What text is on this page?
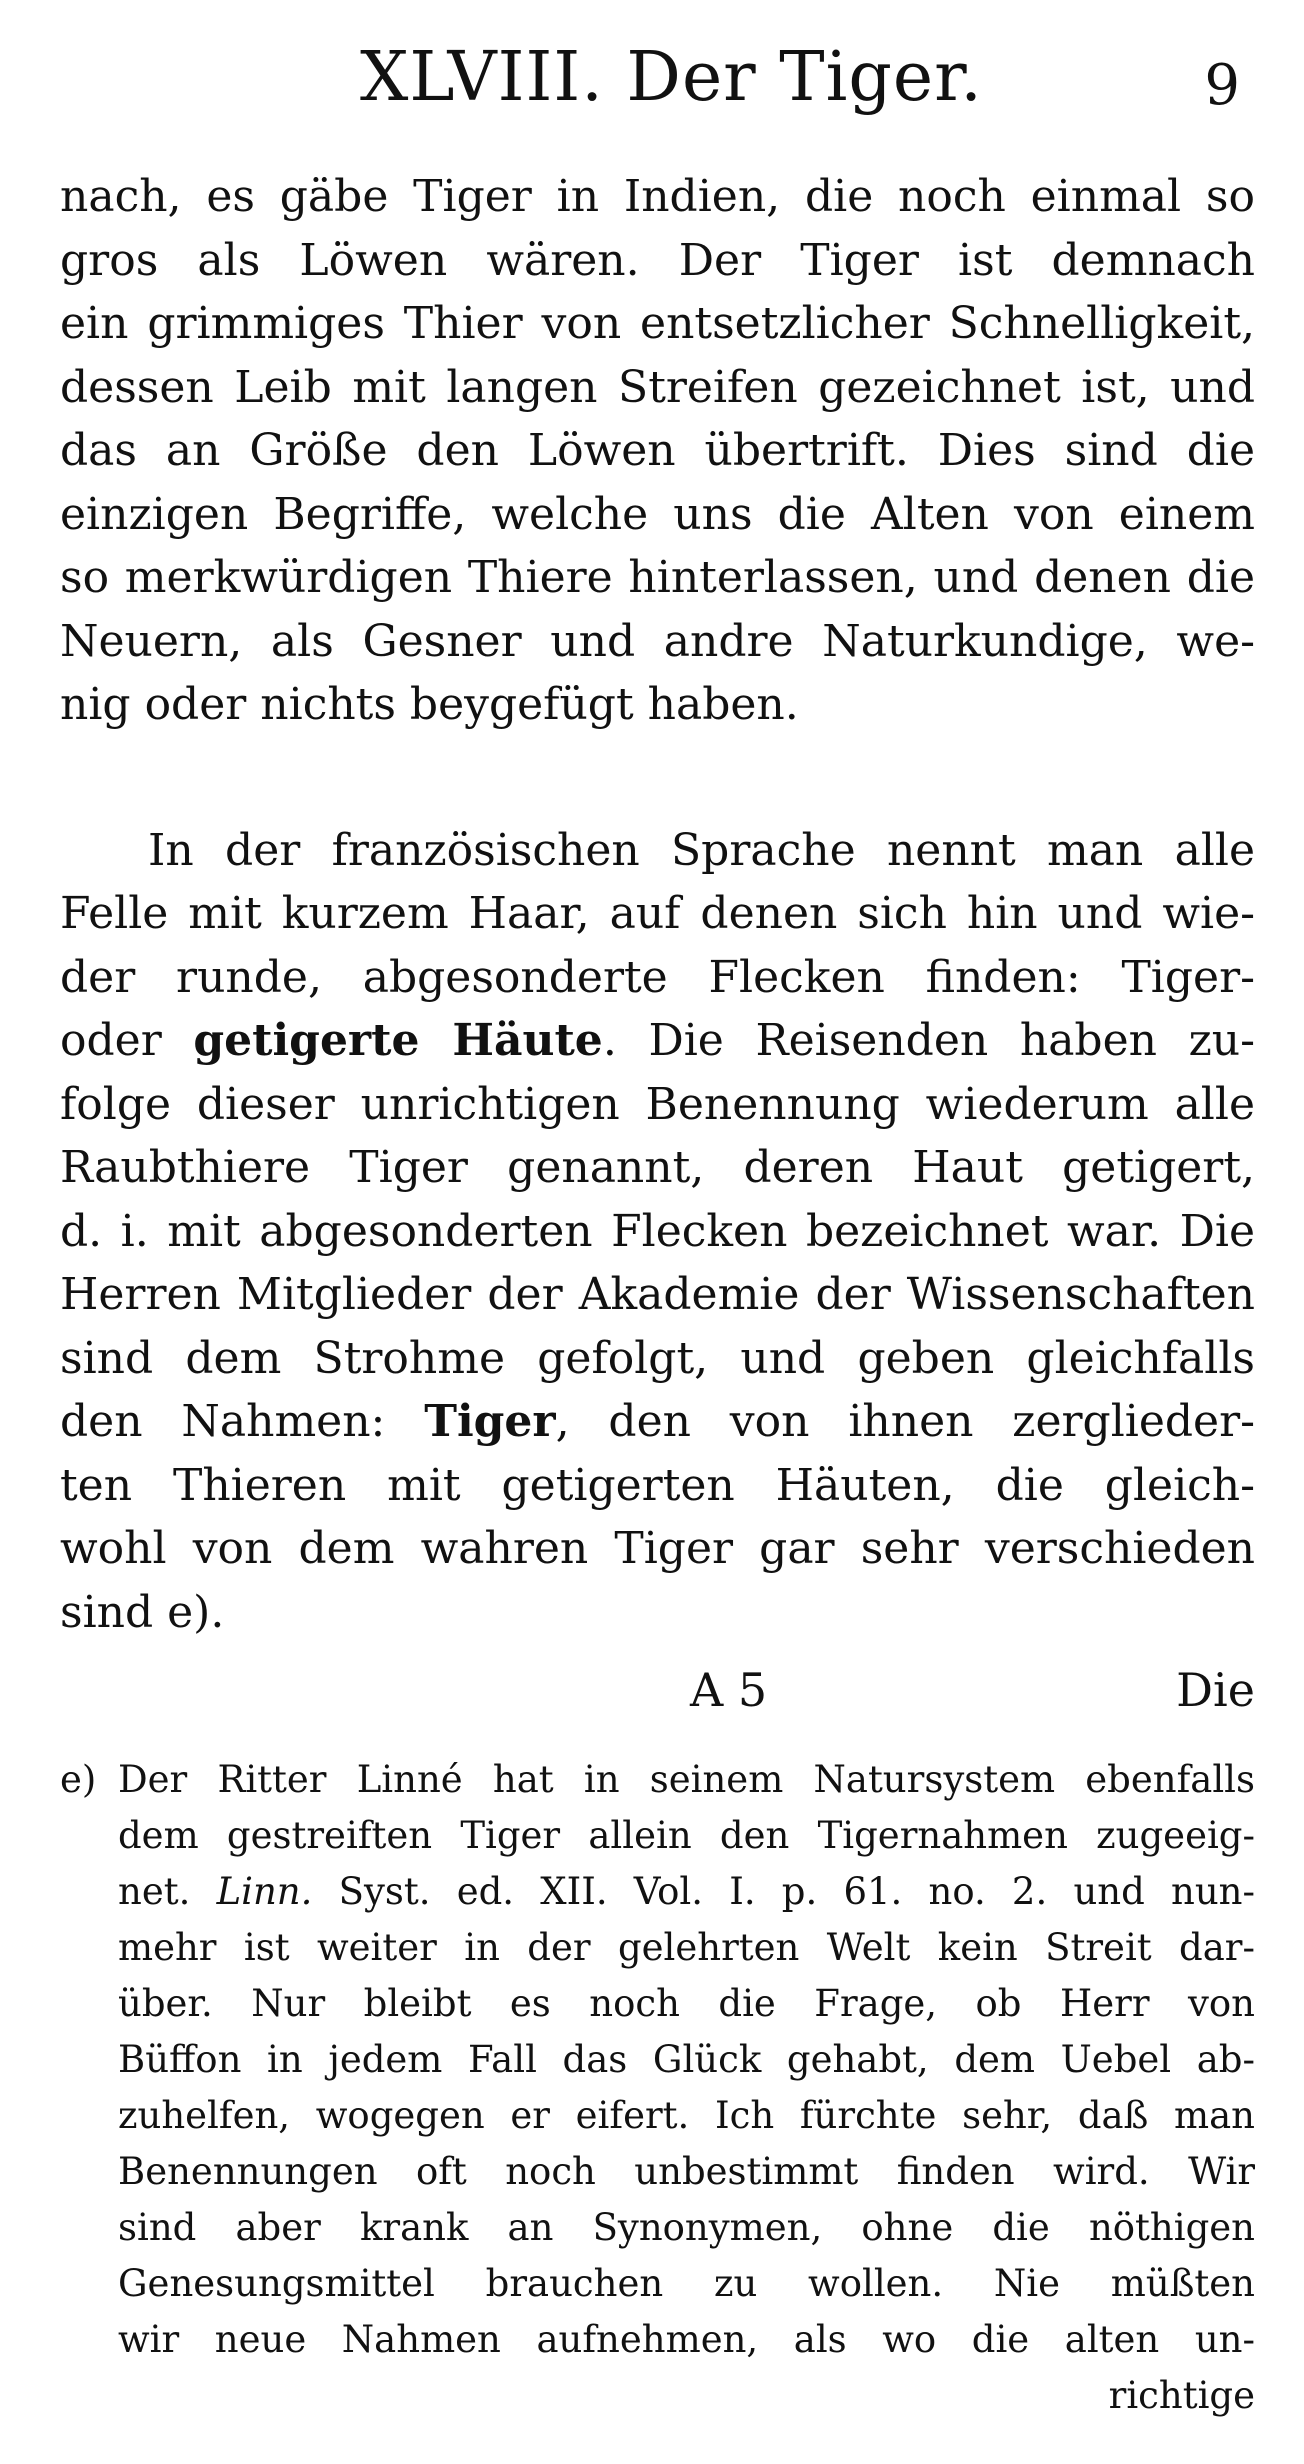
XLVIII. Der Tiger.	9
nach, es gäbe Tiger in Indien, die noch einmal so
gros als Löwen wären. Der Tiger ist demnach
ein grimmiges Thier von entsetzlicher Schnelligkeit,
dessen Leib mit langen Streifen gezeichnet ist, und
das an Größe den Löwen übertrift. Dies sind die
einzigen Begriffe, welche uns die Alten von einem
so merkwürdigen Thiere hinterlassen, und denen die
Neuern, als Gesner und andre Naturkundige, we-
nig oder nichts beygefügt haben.
In der französischen Sprache nennt man alle
Felle mit kurzem Haar, auf denen sich hin und wie-
der runde, abgesonderte Flecken finden: Tiger-
oder getigerte Häute. Die Reisenden haben zu-
folge dieser unrichtigen Benennung wiederum alle
Raubthiere Tiger genannt, deren Haut getigert,
d. i. mit abgesonderten Flecken bezeichnet war. Die
Herren Mitglieder der Akademie der Wissenschaften
sind dem Strohme gefolgt, und geben gleichfalls
den Nahmen: Tiger, den von ihnen zerglieder-
ten Thieren mit getigerten Häuten, die gleich-
wohl von dem wahren Tiger gar sehr verschieden
sind e).
A 5	Die
e) Der Ritter Linné hat in seinem Natursystem ebenfalls
dem gestreiften Tiger allein den Tigernahmen zugeeig-
net. Linn. Syst. ed. XII. Vol. I. p. 61. no. 2. und nun-
mehr ist weiter in der gelehrten Welt kein Streit dar-
über. Nur bleibt es noch die Frage, ob Herr von
Büffon in jedem Fall das Glück gehabt, dem Uebel ab-
zuhelfen, wogegen er eifert. Ich fürchte sehr, daß man
Benennungen oft noch unbestimmt finden wird. Wir
sind aber krank an Synonymen, ohne die nöthigen
Genesungsmittel brauchen zu wollen. Nie müßten
wir neue Nahmen aufnehmen, als wo die alten un-
richtige
